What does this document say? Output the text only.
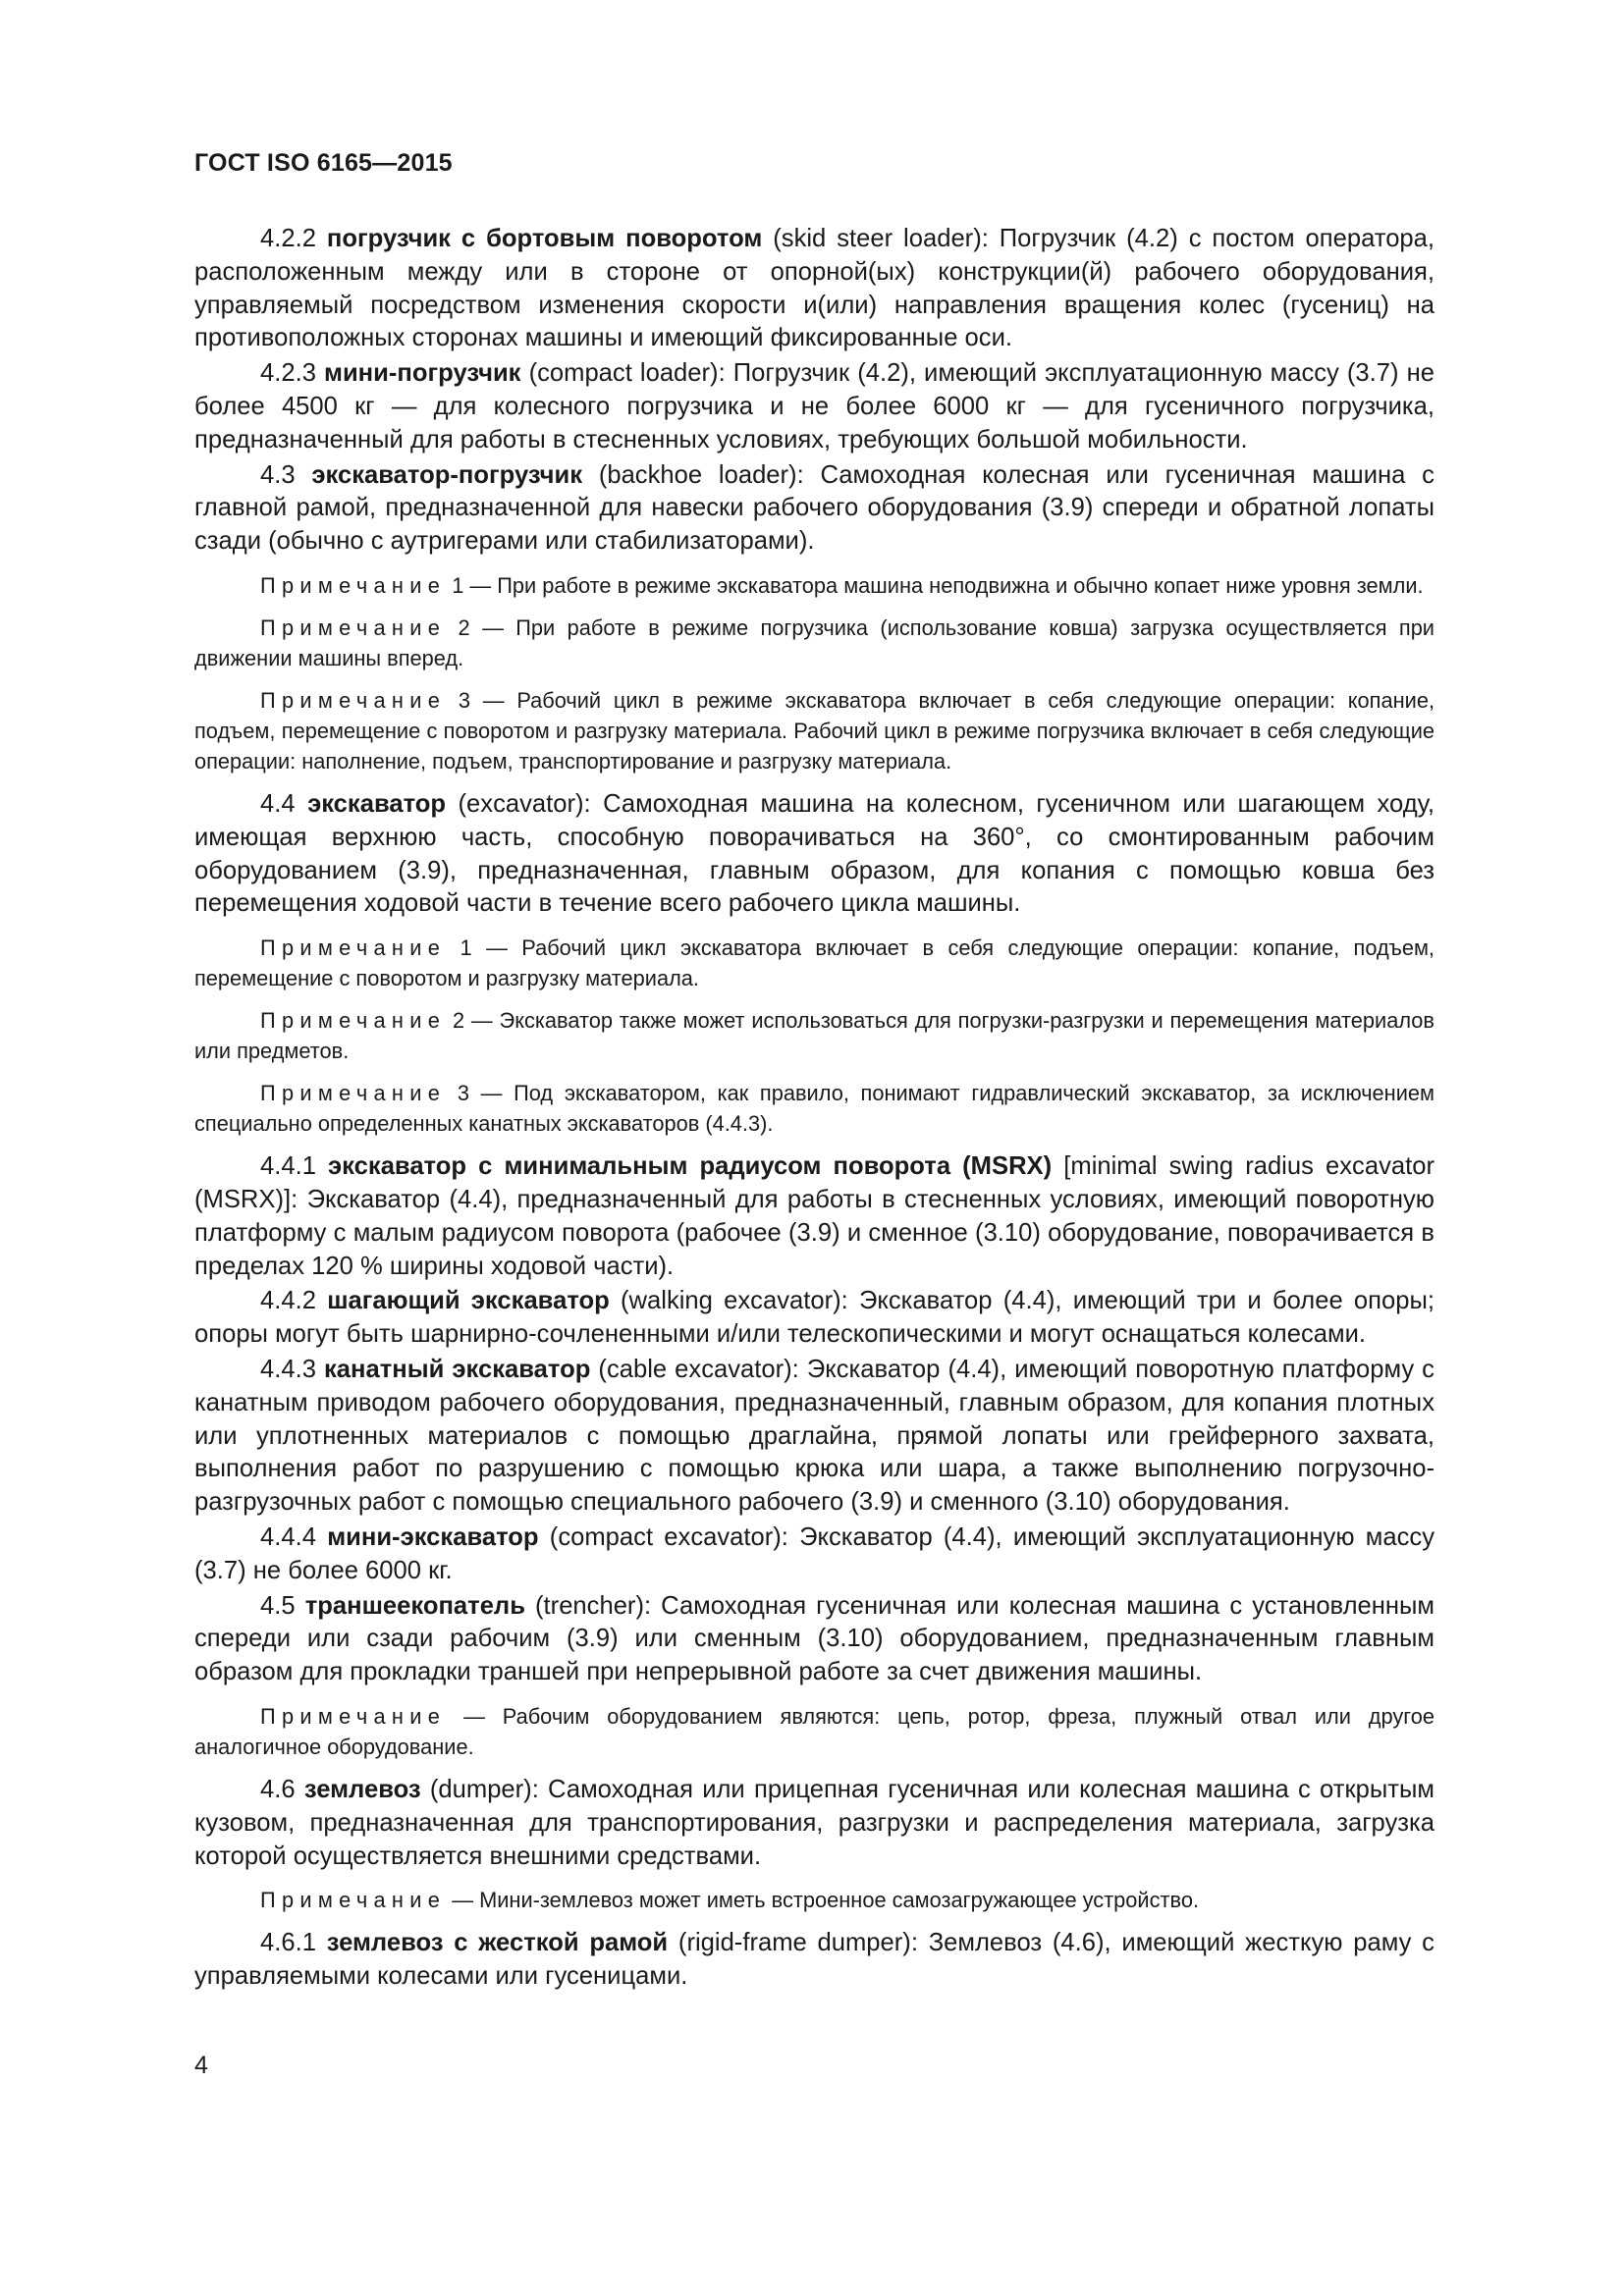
ГОСТ ISO 6165—2015

4.2.2 погрузчик с бортовым поворотом (skid steer loader): Погрузчик (4.2) с постом оператора, расположенным между или в стороне от опорной(ых) конструкции(й) рабочего оборудования, управляемый посредством изменения скорости и(или) направления вращения колес (гусениц) на противоположных сторонах машины и имеющий фиксированные оси.

4.2.3 мини-погрузчик (compact loader): Погрузчик (4.2), имеющий эксплуатационную массу (3.7) не более 4500 кг — для колесного погрузчика и не более 6000 кг — для гусеничного погрузчика, предназначенный для работы в стесненных условиях, требующих большой мобильности.

4.3 экскаватор-погрузчик (backhoe loader): Самоходная колесная или гусеничная машина с главной рамой, предназначенной для навески рабочего оборудования (3.9) спереди и обратной лопаты сзади (обычно с аутригерами или стабилизаторами).

Примечание 1 — При работе в режиме экскаватора машина неподвижна и обычно копает ниже уровня земли.

Примечание 2 — При работе в режиме погрузчика (использование ковша) загрузка осуществляется при движении машины вперед.

Примечание 3 — Рабочий цикл в режиме экскаватора включает в себя следующие операции: копание, подъем, перемещение с поворотом и разгрузку материала. Рабочий цикл в режиме погрузчика включает в себя следующие операции: наполнение, подъем, транспортирование и разгрузку материала.

4.4 экскаватор (excavator): Самоходная машина на колесном, гусеничном или шагающем ходу, имеющая верхнюю часть, способную поворачиваться на 360°, со смонтированным рабочим оборудованием (3.9), предназначенная, главным образом, для копания с помощью ковша без перемещения ходовой части в течение всего рабочего цикла машины.

Примечание 1 — Рабочий цикл экскаватора включает в себя следующие операции: копание, подъем, перемещение с поворотом и разгрузку материала.

Примечание 2 — Экскаватор также может использоваться для погрузки-разгрузки и перемещения материалов или предметов.

Примечание 3 — Под экскаватором, как правило, понимают гидравлический экскаватор, за исключением специально определенных канатных экскаваторов (4.4.3).

4.4.1 экскаватор с минимальным радиусом поворота (MSRX) [minimal swing radius excavator (MSRX)]: Экскаватор (4.4), предназначенный для работы в стесненных условиях, имеющий поворотную платформу с малым радиусом поворота (рабочее (3.9) и сменное (3.10) оборудование, поворачивается в пределах 120 % ширины ходовой части).

4.4.2 шагающий экскаватор (walking excavator): Экскаватор (4.4), имеющий три и более опоры; опоры могут быть шарнирно-сочлененными и/или телескопическими и могут оснащаться колесами.

4.4.3 канатный экскаватор (cable excavator): Экскаватор (4.4), имеющий поворотную платформу с канатным приводом рабочего оборудования, предназначенный, главным образом, для копания плотных или уплотненных материалов с помощью драглайна, прямой лопаты или грейферного захвата, выполнения работ по разрушению с помощью крюка или шара, а также выполнению погрузочно-разгрузочных работ с помощью специального рабочего (3.9) и сменного (3.10) оборудования.

4.4.4 мини-экскаватор (compact excavator): Экскаватор (4.4), имеющий эксплуатационную массу (3.7) не более 6000 кг.

4.5 траншеекопатель (trencher): Самоходная гусеничная или колесная машина с установленным спереди или сзади рабочим (3.9) или сменным (3.10) оборудованием, предназначенным главным образом для прокладки траншей при непрерывной работе за счет движения машины.

Примечание — Рабочим оборудованием являются: цепь, ротор, фреза, плужный отвал или другое аналогичное оборудование.

4.6 землевоз (dumper): Самоходная или прицепная гусеничная или колесная машина с открытым кузовом, предназначенная для транспортирования, разгрузки и распределения материала, загрузка которой осуществляется внешними средствами.

Примечание — Мини-землевоз может иметь встроенное самозагружающее устройство.

4.6.1 землевоз с жесткой рамой (rigid-frame dumper): Землевоз (4.6), имеющий жесткую раму с управляемыми колесами или гусеницами.

4
